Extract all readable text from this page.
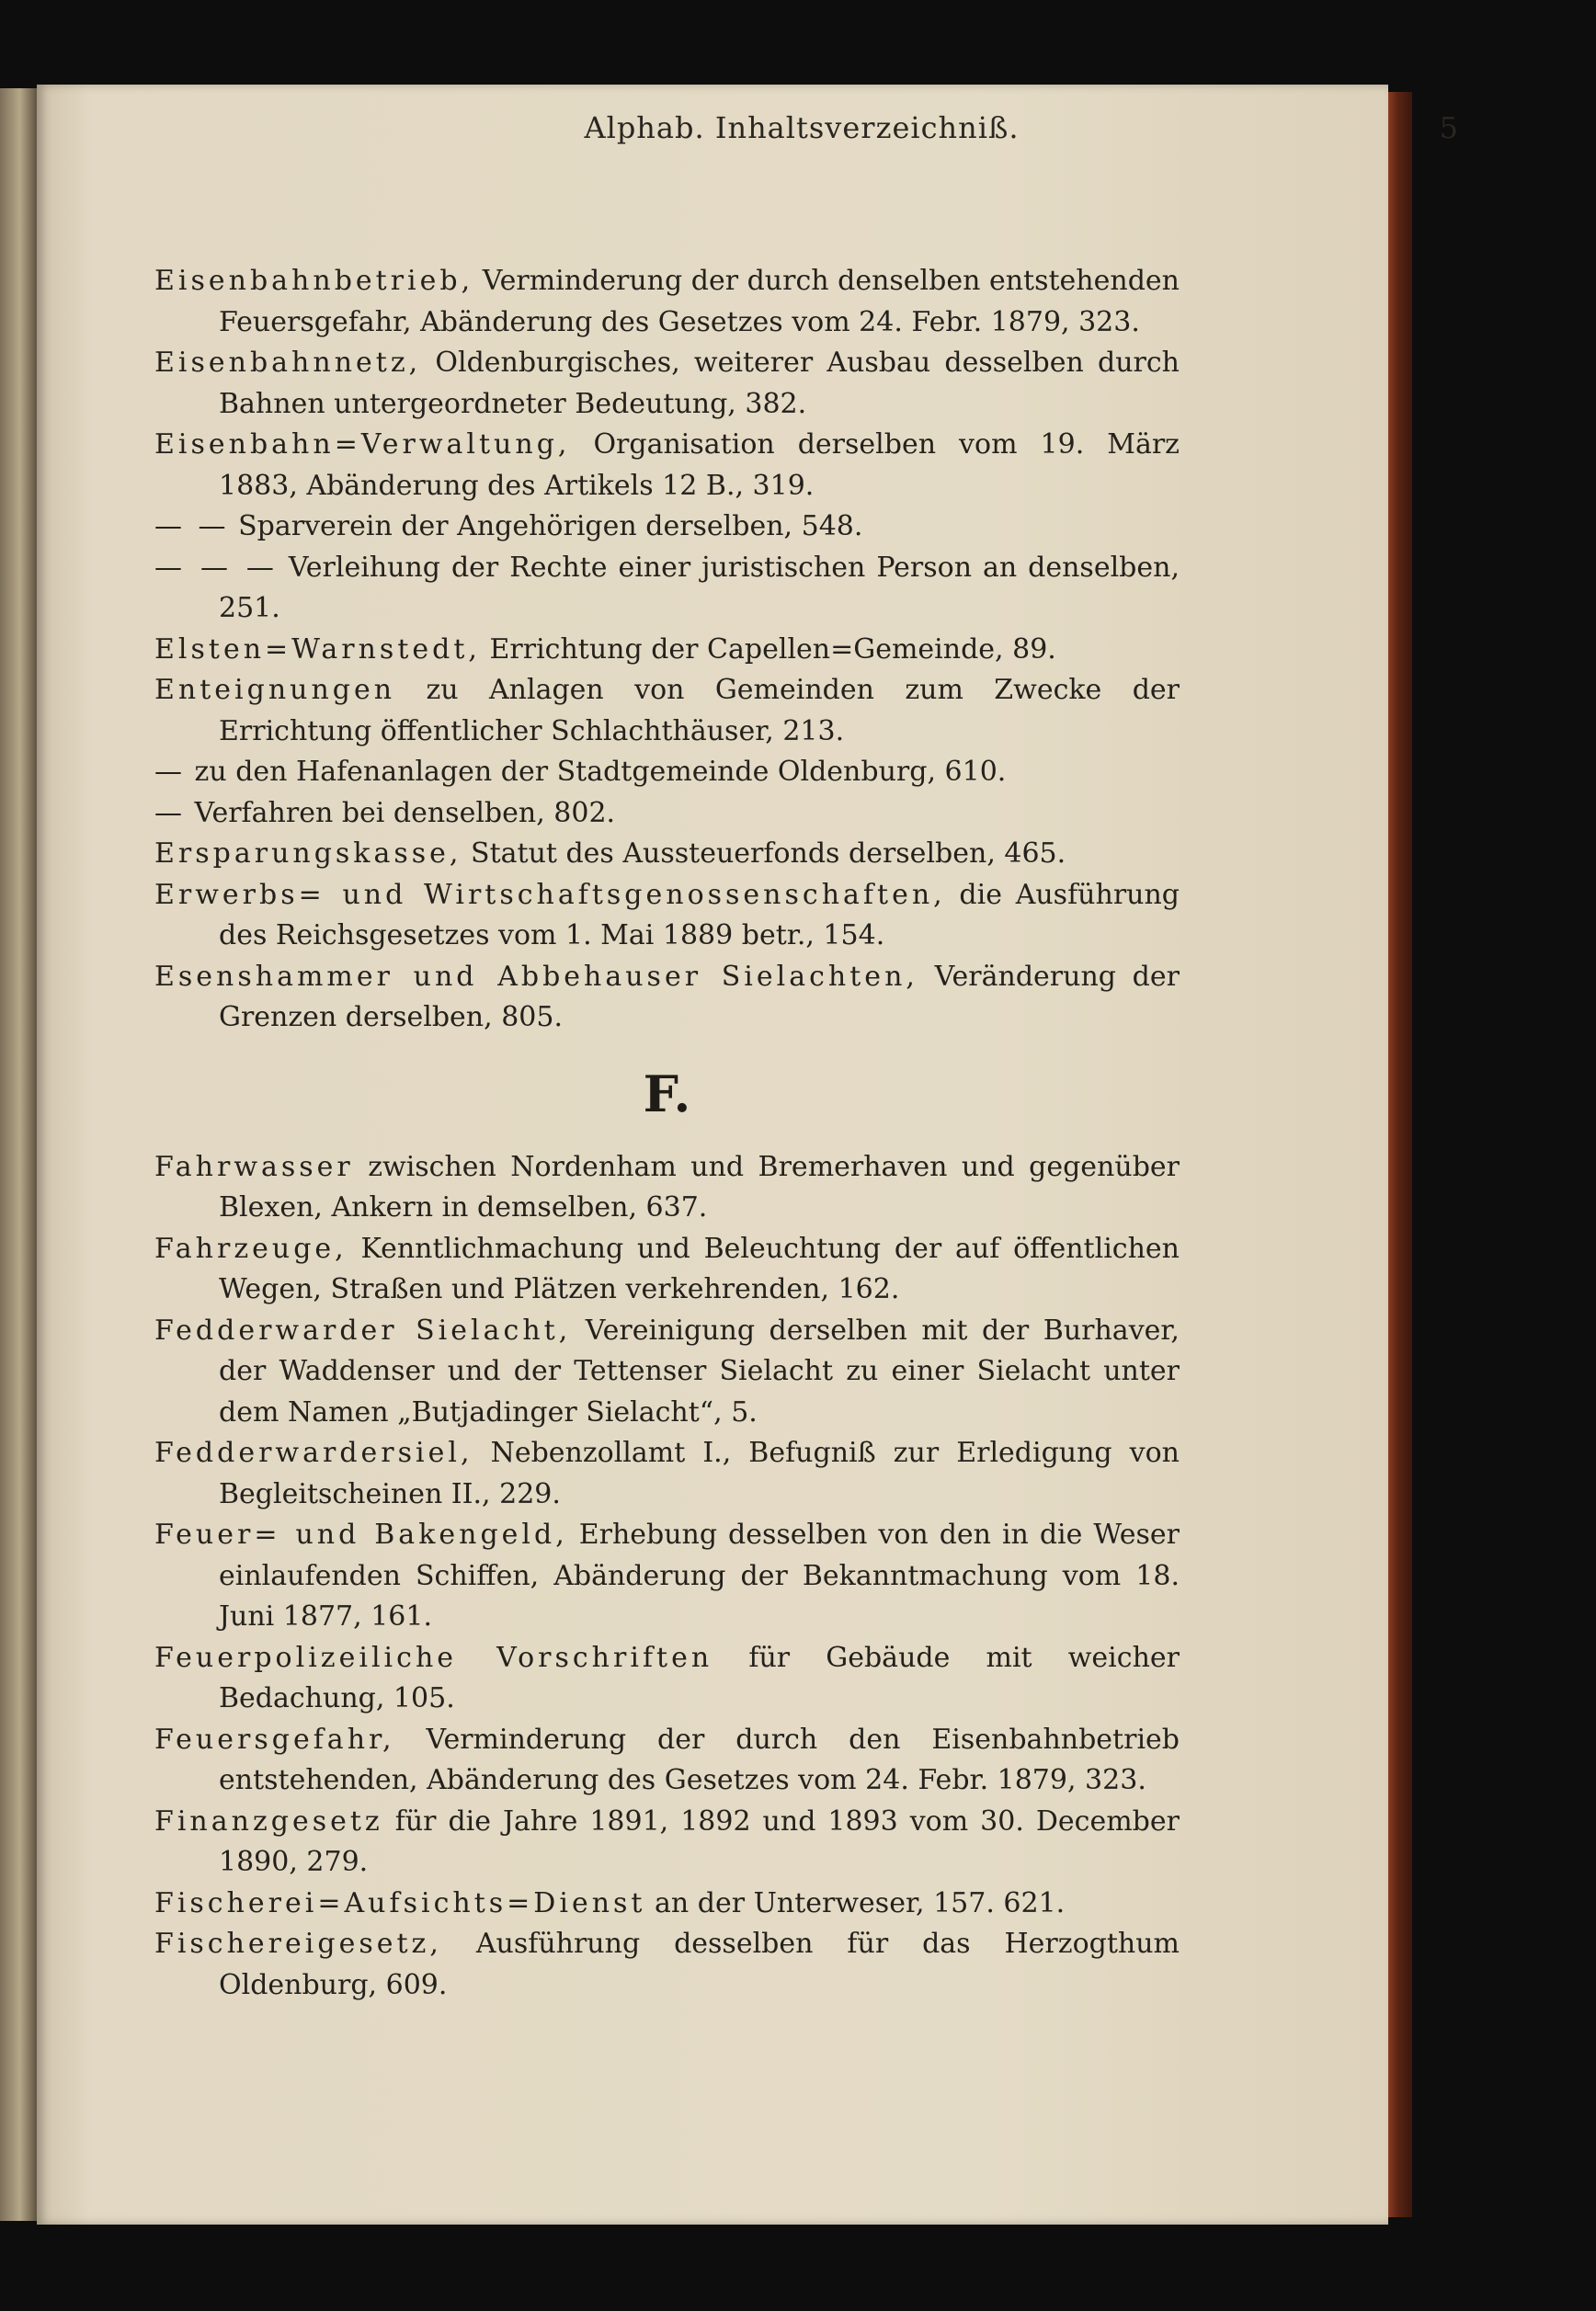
Alphab. Inhaltsverzeichniß.	5
Eisenbahnbetrieb, Verminderung der durch denselben entstehenden Feuersgefahr, Abänderung des Gesetzes vom 24. Febr. 1879, 323.
Eisenbahnnetz, Oldenburgisches, weiterer Ausbau desselben durch Bahnen untergeordneter Bedeutung, 382.
Eisenbahn=Verwaltung, Organisation derselben vom 19. März 1883, Abänderung des Artikels 12 B., 319.
— — Sparverein der Angehörigen derselben, 548.
— — — Verleihung der Rechte einer juristischen Person an denselben, 251.
Elsten=Warnstedt, Errichtung der Capellen=Gemeinde, 89.
Enteignungen zu Anlagen von Gemeinden zum Zwecke der Errichtung öffentlicher Schlachthäuser, 213.
— zu den Hafenanlagen der Stadtgemeinde Oldenburg, 610.
— Verfahren bei denselben, 802.
Ersparungskasse, Statut des Aussteuerfonds derselben, 465.
Erwerbs= und Wirtschaftsgenossenschaften, die Ausführung des Reichsgesetzes vom 1. Mai 1889 betr., 154.
Esenshammer und Abbehauser Sielachten, Veränderung der Grenzen derselben, 805.
F.
Fahrwasser zwischen Nordenham und Bremerhaven und gegenüber Blexen, Ankern in demselben, 637.
Fahrzeuge, Kenntlichmachung und Beleuchtung der auf öffentlichen Wegen, Straßen und Plätzen verkehrenden, 162.
Fedderwarder Sielacht, Vereinigung derselben mit der Burhaver, der Waddenser und der Tettenser Sielacht zu einer Sielacht unter dem Namen „Butjadinger Sielacht“, 5.
Fedderwardersiel, Nebenzollamt I., Befugniß zur Erledigung von Begleitscheinen II., 229.
Feuer= und Bakengeld, Erhebung desselben von den in die Weser einlaufenden Schiffen, Abänderung der Bekanntmachung vom 18. Juni 1877, 161.
Feuerpolizeiliche Vorschriften für Gebäude mit weicher Bedachung, 105.
Feuersgefahr, Verminderung der durch den Eisenbahnbetrieb entstehenden, Abänderung des Gesetzes vom 24. Febr. 1879, 323.
Finanzgesetz für die Jahre 1891, 1892 und 1893 vom 30. December 1890, 279.
Fischerei=Aufsichts=Dienst an der Unterweser, 157. 621.
Fischereigesetz, Ausführung desselben für das Herzogthum Oldenburg, 609.
